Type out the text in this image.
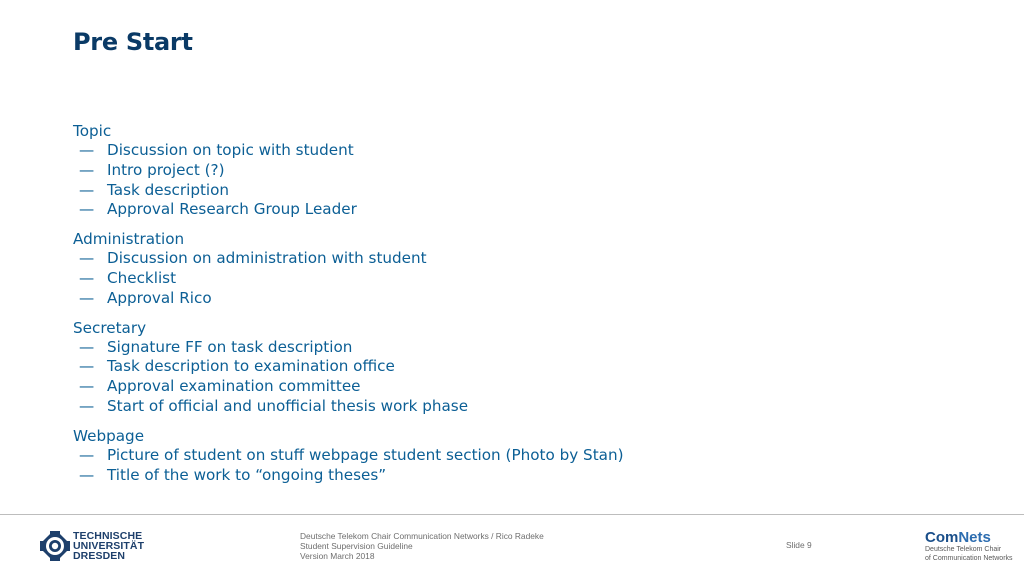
Pre Start
Topic
— Discussion on topic with student
— Intro project (?)
— Task description
— Approval Research Group Leader
Administration
— Discussion on administration with student
— Checklist
— Approval Rico
Secretary
— Signature FF on task description
— Task description to examination office
— Approval examination committee
— Start of official and unofficial thesis work phase
Webpage
— Picture of student on stuff webpage student section (Photo by Stan)
— Title of the work to “ongoing theses”
TECHNISCHE
UNIVERSITÄT
DRESDEN
Deutsche Telekom Chair Communication Networks / Rico Radeke
Student Supervision Guideline
Version March 2018
Slide 9	ComNets
Deutsche Telekom Chair
of Communication Networks
